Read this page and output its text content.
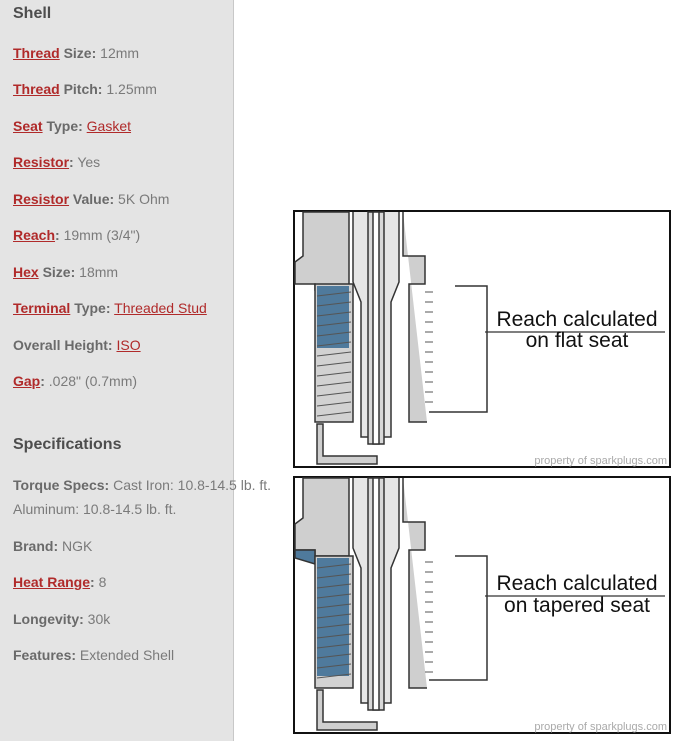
Shell

Thread Size: 12mm

Thread Pitch: 1.25mm

Seat Type: Gasket

Resistor: Yes

Resistor Value: 5K Ohm

Reach: 19mm (3/4")

Hex Size: 18mm

Terminal Type: Threaded Stud

Overall Height: ISO

Gap: .028" (0.7mm)

Specifications

Torque Specs: Cast Iron: 10.8-14.5 lb. ft.

Aluminum: 10.8-14.5 lb. ft.

Brand: NGK

Heat Range: 8

Longevity: 30k

Features: Extended Shell

Reach calculated
on flat seat
property of sparkplugs.com
Reach calculated
on tapered seat
property of sparkplugs.com
